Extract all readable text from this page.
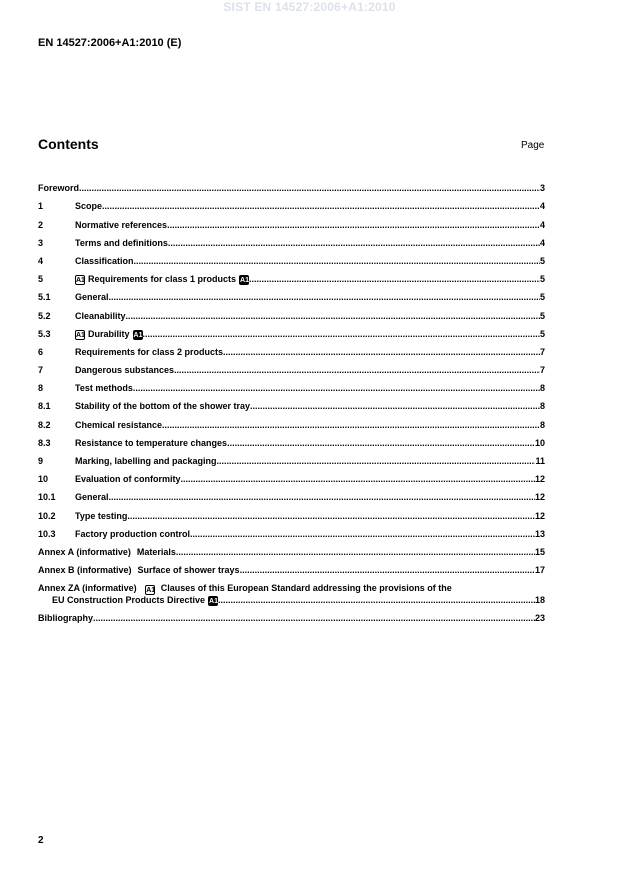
SIST EN 14527:2006+A1:2010
EN 14527:2006+A1:2010 (E)
Contents	Page
Foreword .....	3
1	Scope .....	4
2	Normative references .....	4
3	Terms and definitions .....	4
4	Classification .....	5
5	A1 Requirements for class 1 products A1 .....	5
5.1	General .....	5
5.2	Cleanability .....	5
5.3	A1 Durability A1 .....	5
6	Requirements for class 2 products .....	7
7	Dangerous substances .....	7
8	Test methods .....	8
8.1	Stability of the bottom of the shower tray .....	8
8.2	Chemical resistance .....	8
8.3	Resistance to temperature changes .....	10
9	Marking, labelling and packaging .....	11
10	Evaluation of conformity .....	12
10.1	General .....	12
10.2	Type testing .....	12
10.3	Factory production control .....	13
Annex A (informative) Materials .....	15
Annex B (informative) Surface of shower trays .....	17
Annex ZA (informative) A1 Clauses of this European Standard addressing the provisions of the
EU Construction Products Directive A1 .....	18
Bibliography .....	23
2
